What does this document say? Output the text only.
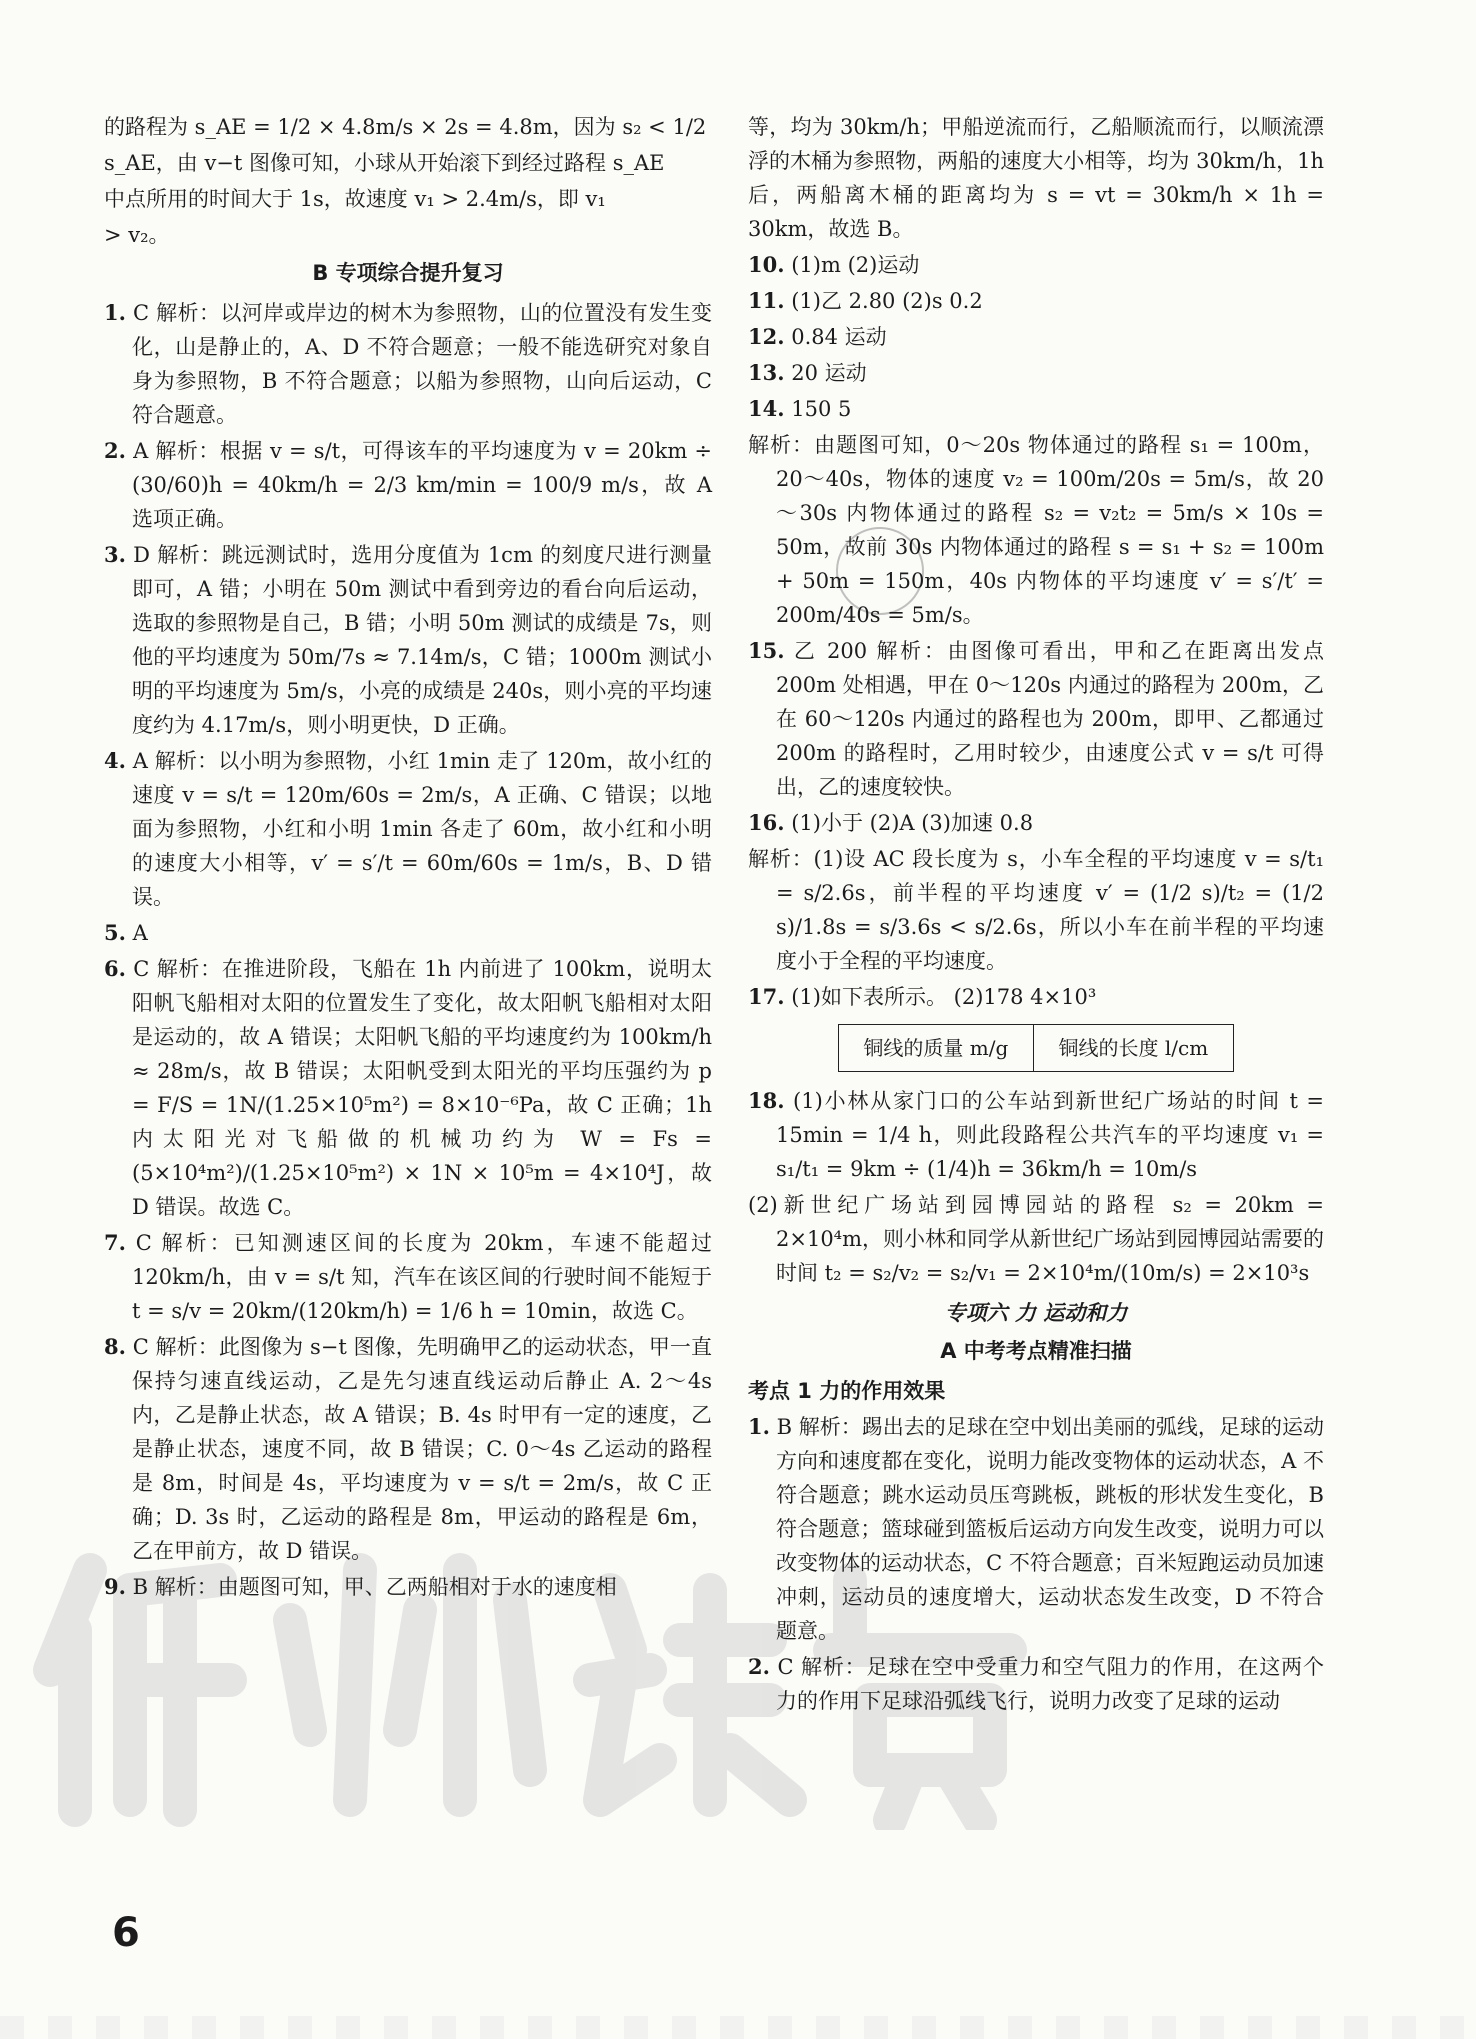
的路程为 s_AE = 1/2 × 4.8m/s × 2s = 4.8m，因为 s₂ < 1/2
s_AE，由 v−t 图像可知，小球从开始滚下到经过路程 s_AE
中点所用的时间大于 1s，故速度 v₁ > 2.4m/s，即 v₁
> v₂。
B 专项综合提升复习
1. C 解析：以河岸或岸边的树木为参照物，山的位置没有发生变化，山是静止的，A、D 不符合题意；一般不能选研究对象自身为参照物，B 不符合题意；以船为参照物，山向后运动，C 符合题意。
2. A 解析：根据 v = s/t，可得该车的平均速度为 v = 20km ÷ (30/60)h = 40km/h = 2/3 km/min = 100/9 m/s，故 A 选项正确。
3. D 解析：跳远测试时，选用分度值为 1cm 的刻度尺进行测量即可，A 错；小明在 50m 测试中看到旁边的看台向后运动，选取的参照物是自己，B 错；小明 50m 测试的成绩是 7s，则他的平均速度为 50m/7s ≈ 7.14m/s，C 错；1000m 测试小明的平均速度为 5m/s，小亮的成绩是 240s，则小亮的平均速度约为 4.17m/s，则小明更快，D 正确。
4. A 解析：以小明为参照物，小红 1min 走了 120m，故小红的速度 v = s/t = 120m/60s = 2m/s，A 正确、C 错误；以地面为参照物，小红和小明 1min 各走了 60m，故小红和小明的速度大小相等，v′ = s′/t = 60m/60s = 1m/s，B、D 错误。
5. A
6. C 解析：在推进阶段，飞船在 1h 内前进了 100km，说明太阳帆飞船相对太阳的位置发生了变化，故太阳帆飞船相对太阳是运动的，故 A 错误；太阳帆飞船的平均速度约为 100km/h ≈ 28m/s，故 B 错误；太阳帆受到太阳光的平均压强约为 p = F/S = 1N/(1.25×10⁵m²) = 8×10⁻⁶Pa，故 C 正确；1h 内太阳光对飞船做的机械功约为 W = Fs = (5×10⁴m²)/(1.25×10⁵m²) × 1N × 10⁵m = 4×10⁴J，故 D 错误。故选 C。
7. C 解析：已知测速区间的长度为 20km，车速不能超过 120km/h，由 v = s/t 知，汽车在该区间的行驶时间不能短于 t = s/v = 20km/(120km/h) = 1/6 h = 10min，故选 C。
8. C 解析：此图像为 s−t 图像，先明确甲乙的运动状态，甲一直保持匀速直线运动，乙是先匀速直线运动后静止 A. 2～4s 内，乙是静止状态，故 A 错误；B. 4s 时甲有一定的速度，乙是静止状态，速度不同，故 B 错误；C. 0～4s 乙运动的路程是 8m，时间是 4s，平均速度为 v = s/t = 2m/s，故 C 正确；D. 3s 时，乙运动的路程是 8m，甲运动的路程是 6m，乙在甲前方，故 D 错误。
9. B 解析：由题图可知，甲、乙两船相对于水的速度相
等，均为 30km/h；甲船逆流而行，乙船顺流而行，以顺流漂浮的木桶为参照物，两船的速度大小相等，均为 30km/h，1h 后，两船离木桶的距离均为 s = vt = 30km/h × 1h = 30km，故选 B。
10. (1)m (2)运动
11. (1)乙 2.80 (2)s 0.2
12. 0.84 运动
13. 20 运动
14. 150 5
解析：由题图可知，0～20s 物体通过的路程 s₁ = 100m，20～40s，物体的速度 v₂ = 100m/20s = 5m/s，故 20～30s 内物体通过的路程 s₂ = v₂t₂ = 5m/s × 10s = 50m，故前 30s 内物体通过的路程 s = s₁ + s₂ = 100m + 50m = 150m，40s 内物体的平均速度 v′ = s′/t′ = 200m/40s = 5m/s。
15. 乙 200 解析：由图像可看出，甲和乙在距离出发点 200m 处相遇，甲在 0～120s 内通过的路程为 200m，乙在 60～120s 内通过的路程也为 200m，即甲、乙都通过 200m 的路程时，乙用时较少，由速度公式 v = s/t 可得出，乙的速度较快。
16. (1)小于 (2)A (3)加速 0.8
解析：(1)设 AC 段长度为 s，小车全程的平均速度 v = s/t₁ = s/2.6s，前半程的平均速度 v′ = (1/2 s)/t₂ = (1/2 s)/1.8s = s/3.6s < s/2.6s，所以小车在前半程的平均速度小于全程的平均速度。
17. (1)如下表所示。 (2)178 4×10³
铜线的质量 m/g	铜线的长度 l/cm
18. (1)小林从家门口的公车站到新世纪广场站的时间 t = 15min = 1/4 h，则此段路程公共汽车的平均速度 v₁ = s₁/t₁ = 9km ÷ (1/4)h = 36km/h = 10m/s
(2)新世纪广场站到园博园站的路程 s₂ = 20km = 2×10⁴m，则小林和同学从新世纪广场站到园博园站需要的时间 t₂ = s₂/v₂ = s₂/v₁ = 2×10⁴m/(10m/s) = 2×10³s
专项六 力 运动和力
A 中考考点精准扫描
考点 1 力的作用效果
1. B 解析：踢出去的足球在空中划出美丽的弧线，足球的运动方向和速度都在变化，说明力能改变物体的运动状态，A 不符合题意；跳水运动员压弯跳板，跳板的形状发生变化，B 符合题意；篮球碰到篮板后运动方向发生改变，说明力可以改变物体的运动状态，C 不符合题意；百米短跑运动员加速冲刺，运动员的速度增大，运动状态发生改变，D 不符合题意。
2. C 解析：足球在空中受重力和空气阻力的作用，在这两个力的作用下足球沿弧线飞行，说明力改变了足球的运动
6
